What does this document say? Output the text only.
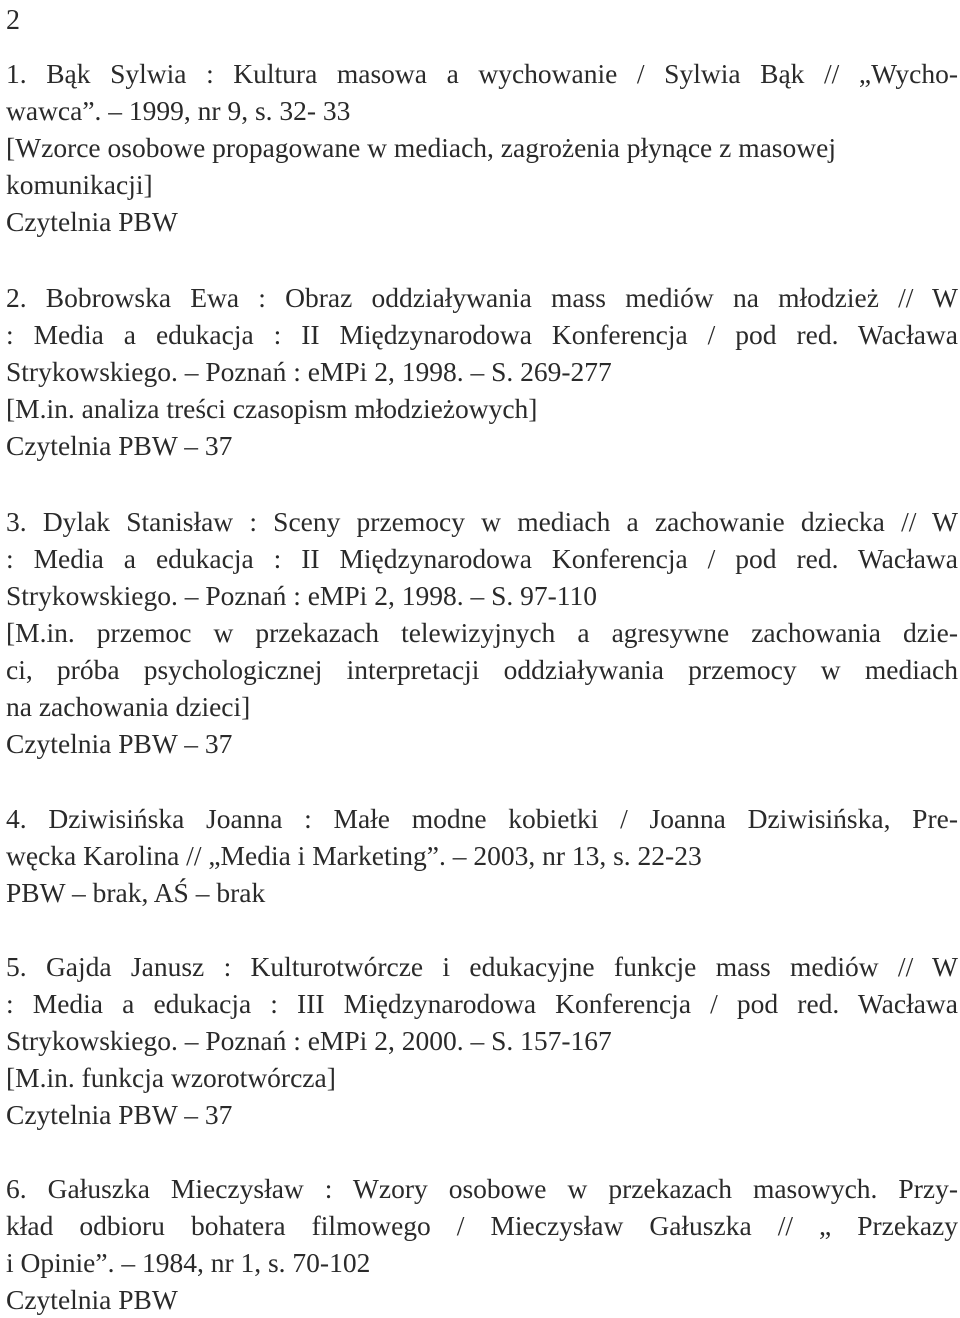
2

1. Bąk Sylwia : Kultura masowa a wychowanie / Sylwia Bąk // „Wycho-
wawca”. – 1999, nr 9, s. 32- 33
[Wzorce osobowe propagowane w mediach, zagrożenia płynące z masowej
komunikacji]
Czytelnia PBW
2. Bobrowska Ewa : Obraz oddziaływania mass mediów na młodzież // W
: Media a edukacja : II Międzynarodowa Konferencja / pod red. Wacława
Strykowskiego. – Poznań : eMPi 2, 1998. – S. 269-277
[M.in. analiza treści czasopism młodzieżowych]
Czytelnia PBW – 37
3. Dylak Stanisław : Sceny przemocy w mediach a zachowanie dziecka // W
: Media a edukacja : II Międzynarodowa Konferencja / pod red. Wacława
Strykowskiego. – Poznań : eMPi 2, 1998. – S. 97-110
[M.in. przemoc w przekazach telewizyjnych a agresywne zachowania dzie-
ci, próba psychologicznej interpretacji oddziaływania przemocy w mediach
na zachowania dzieci]
Czytelnia PBW – 37
4. Dziwisińska Joanna : Małe modne kobietki / Joanna Dziwisińska, Pre-
węcka Karolina // „Media i Marketing”. – 2003, nr 13, s. 22-23
PBW – brak, AŚ – brak
5. Gajda Janusz : Kulturotwórcze i edukacyjne funkcje mass mediów // W
: Media a edukacja : III Międzynarodowa Konferencja / pod red. Wacława
Strykowskiego. – Poznań : eMPi 2, 2000. – S. 157-167
[M.in. funkcja wzorotwórcza]
Czytelnia PBW – 37
6. Gałuszka Mieczysław : Wzory osobowe w przekazach masowych. Przy-
kład odbioru bohatera filmowego / Mieczysław Gałuszka // „ Przekazy
i Opinie”. – 1984, nr 1, s. 70-102
Czytelnia PBW
